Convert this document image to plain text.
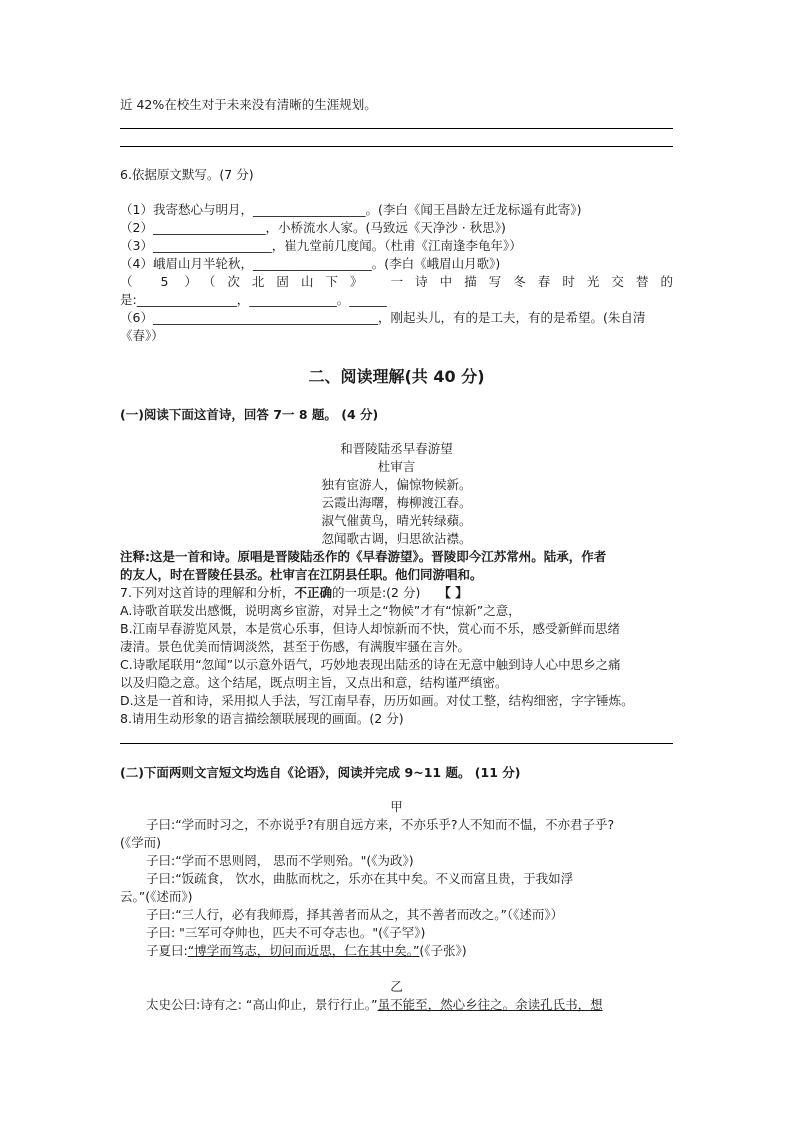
近 42%在校生对于未来没有清晰的生涯规划。

6.依据原文默写。(7 分)

（1）我寄愁心与明月，__________________。(李白《闻王昌龄左迁龙标遥有此寄》)

（2）__________________，小桥流水人家。(马致远《天净沙 · 秋思》)

（3）___________________，崔九堂前几度闻。（杜甫《江南逢李龟年》）

（4）峨眉山月半轮秋，___________________。(李白《峨眉山月歌》)

（ 5 ）（次北固山下》 一诗中描写冬春时光交替的

是:________________，______________。______

（6）____________________________________，刚起头儿，有的是工夫，有的是希望。(朱自清

《春》）

二、阅读理解(共 40 分)

(一)阅读下面这首诗，回答 7一 8 题。 (4 分)

和晋陵陆丞早春游望

杜审言

独有宦游人，偏惊物候新。

云霞出海曙，梅柳渡江春。

淑气催黄鸟，晴光转绿蘋。

忽闻歌古调，归思欲沾襟。

注释:这是一首和诗。原唱是晋陵陆丞作的《早春游望》。晋陵即今江苏常州。陆承，作者

的友人，时在晋陵任县丞。杜审言在江阴县任职。他们同游唱和。

7.下列对这首诗的理解和分析，不正确的一项是:(2 分) 【 】

A.诗歌首联发出感慨，说明离乡宦游，对异土之“物候”才有“惊新”之意，

B.江南早春游览风景，本是赏心乐事，但诗人却惊新而不快，赏心而不乐，感受新鲜而思绪

凄清。景色优美而情调淡然，甚至于伤感，有满腹牢骚在言外。

C.诗歌尾联用“忽闻”以示意外语气，巧妙地表现出陆丞的诗在无意中触到诗人心中思乡之痛

以及归隐之意。这个结尾，既点明主旨，又点出和意，结构谨严缜密。

D.这是一首和诗，采用拟人手法，写江南早春，历历如画。对仗工整，结构细密，字字锤炼。

8.请用生动形象的语言描绘颔联展现的画面。(2 分)

(二)下面两则文言短文均选自《论语》，阅读并完成 9~11 题。 (11 分)

甲

子曰:“学而时习之，不亦说乎?有朋自远方来，不亦乐乎?人不知而不愠，不亦君子乎?

(《学而)

子曰:“学而不思则罔， 思而不学则殆。"(《为政》)

子曰:“饭疏食， 饮水，曲肱而枕之，乐亦在其中矣。不义而富且贵，于我如浮

云。”(《述而》)

子曰:“三人行，必有我师焉，择其善者而从之，其不善者而改之。”（《述而》）

子曰: "三军可夺帅也，匹夫不可夺志也。"(《子罕》)

子夏曰:“博学而笃志，切问而近思，仁在其中矣。”(《子张》)

乙

太史公曰:诗有之: “高山仰止，景行行止。”虽不能至，然心乡往之。余读孔氏书，想
